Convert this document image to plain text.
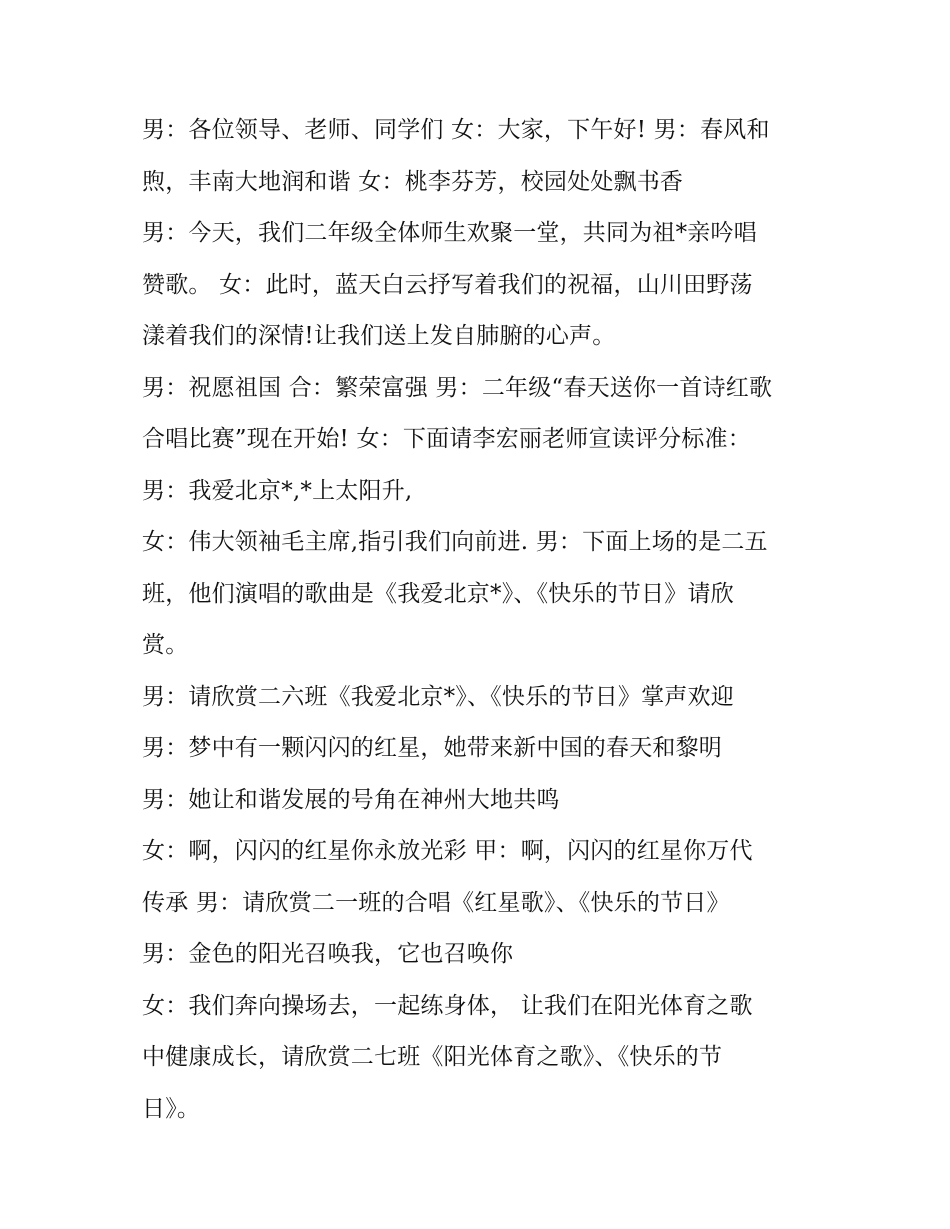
男：各位领导、老师、同学们 女：大家，下午好! 男：春风和
煦，丰南大地润和谐 女：桃李芬芳，校园处处飘书香
男：今天，我们二年级全体师生欢聚一堂，共同为祖*亲吟唱
赞歌。 女：此时，蓝天白云抒写着我们的祝福，山川田野荡
漾着我们的深情!让我们送上发自肺腑的心声。
男：祝愿祖国 合：繁荣富强 男：二年级“春天送你一首诗红歌
合唱比赛”现在开始! 女：下面请李宏丽老师宣读评分标准：
男：我爱北京*,*上太阳升,
女：伟大领袖毛主席,指引我们向前进. 男：下面上场的是二五
班，他们演唱的歌曲是《我爱北京*》、《快乐的节日》请欣
赏。
男：请欣赏二六班《我爱北京*》、《快乐的节日》掌声欢迎
男：梦中有一颗闪闪的红星，她带来新中国的春天和黎明
男：她让和谐发展的号角在神州大地共鸣
女：啊，闪闪的红星你永放光彩 甲：啊，闪闪的红星你万代
传承 男：请欣赏二一班的合唱《红星歌》、《快乐的节日》
男：金色的阳光召唤我，它也召唤你
女：我们奔向操场去，一起练身体， 让我们在阳光体育之歌
中健康成长，请欣赏二七班《阳光体育之歌》、《快乐的节
日》。
